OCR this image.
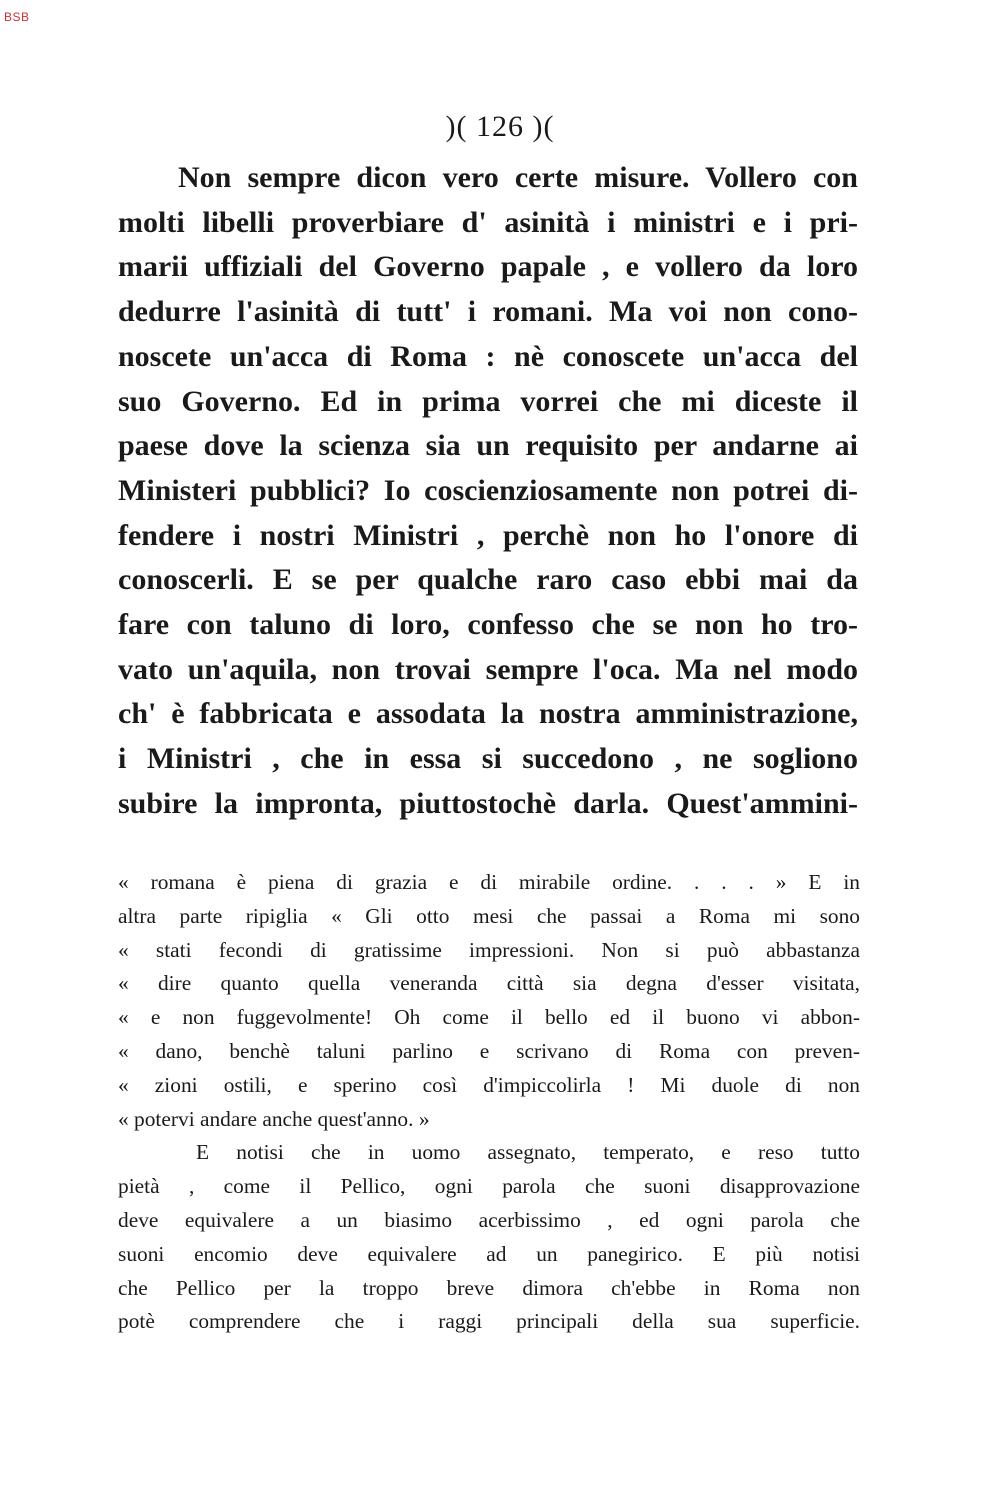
BSB
)( 126 )(
Non sempre dicon vero certe misure. Vollero con
molti libelli proverbiare d' asinità i ministri e i pri-
marii uffiziali del Governo papale , e vollero da loro
dedurre l'asinità di tutt' i romani. Ma voi non cono-
noscete un'acca di Roma : nè conoscete un'acca del
suo Governo. Ed in prima vorrei che mi diceste il
paese dove la scienza sia un requisito per andarne ai
Ministeri pubblici? Io coscienziosamente non potrei di-
fendere i nostri Ministri , perchè non ho l'onore di
conoscerli. E se per qualche raro caso ebbi mai da
fare con taluno di loro, confesso che se non ho tro-
vato un'aquila, non trovai sempre l'oca. Ma nel modo
ch' è fabbricata e assodata la nostra amministrazione,
i Ministri , che in essa si succedono , ne sogliono
subire la impronta, piuttostochè darla. Quest'ammini-
« romana è piena di grazia e di mirabile ordine. . . . » E in
altra parte ripiglia « Gli otto mesi che passai a Roma mi sono
« stati fecondi di gratissime impressioni. Non si può abbastanza
« dire quanto quella veneranda città sia degna d'esser visitata,
« e non fuggevolmente! Oh come il bello ed il buono vi abbon-
« dano, benchè taluni parlino e scrivano di Roma con preven-
« zioni ostili, e sperino così d'impiccolirla ! Mi duole di non
« potervi andare anche quest'anno. »
E notisi che in uomo assegnato, temperato, e reso tutto
pietà , come il Pellico, ogni parola che suoni disapprovazione
deve equivalere a un biasimo acerbissimo , ed ogni parola che
suoni encomio deve equivalere ad un panegirico. E più notisi
che Pellico per la troppo breve dimora ch'ebbe in Roma non
potè comprendere che i raggi principali della sua superficie.
